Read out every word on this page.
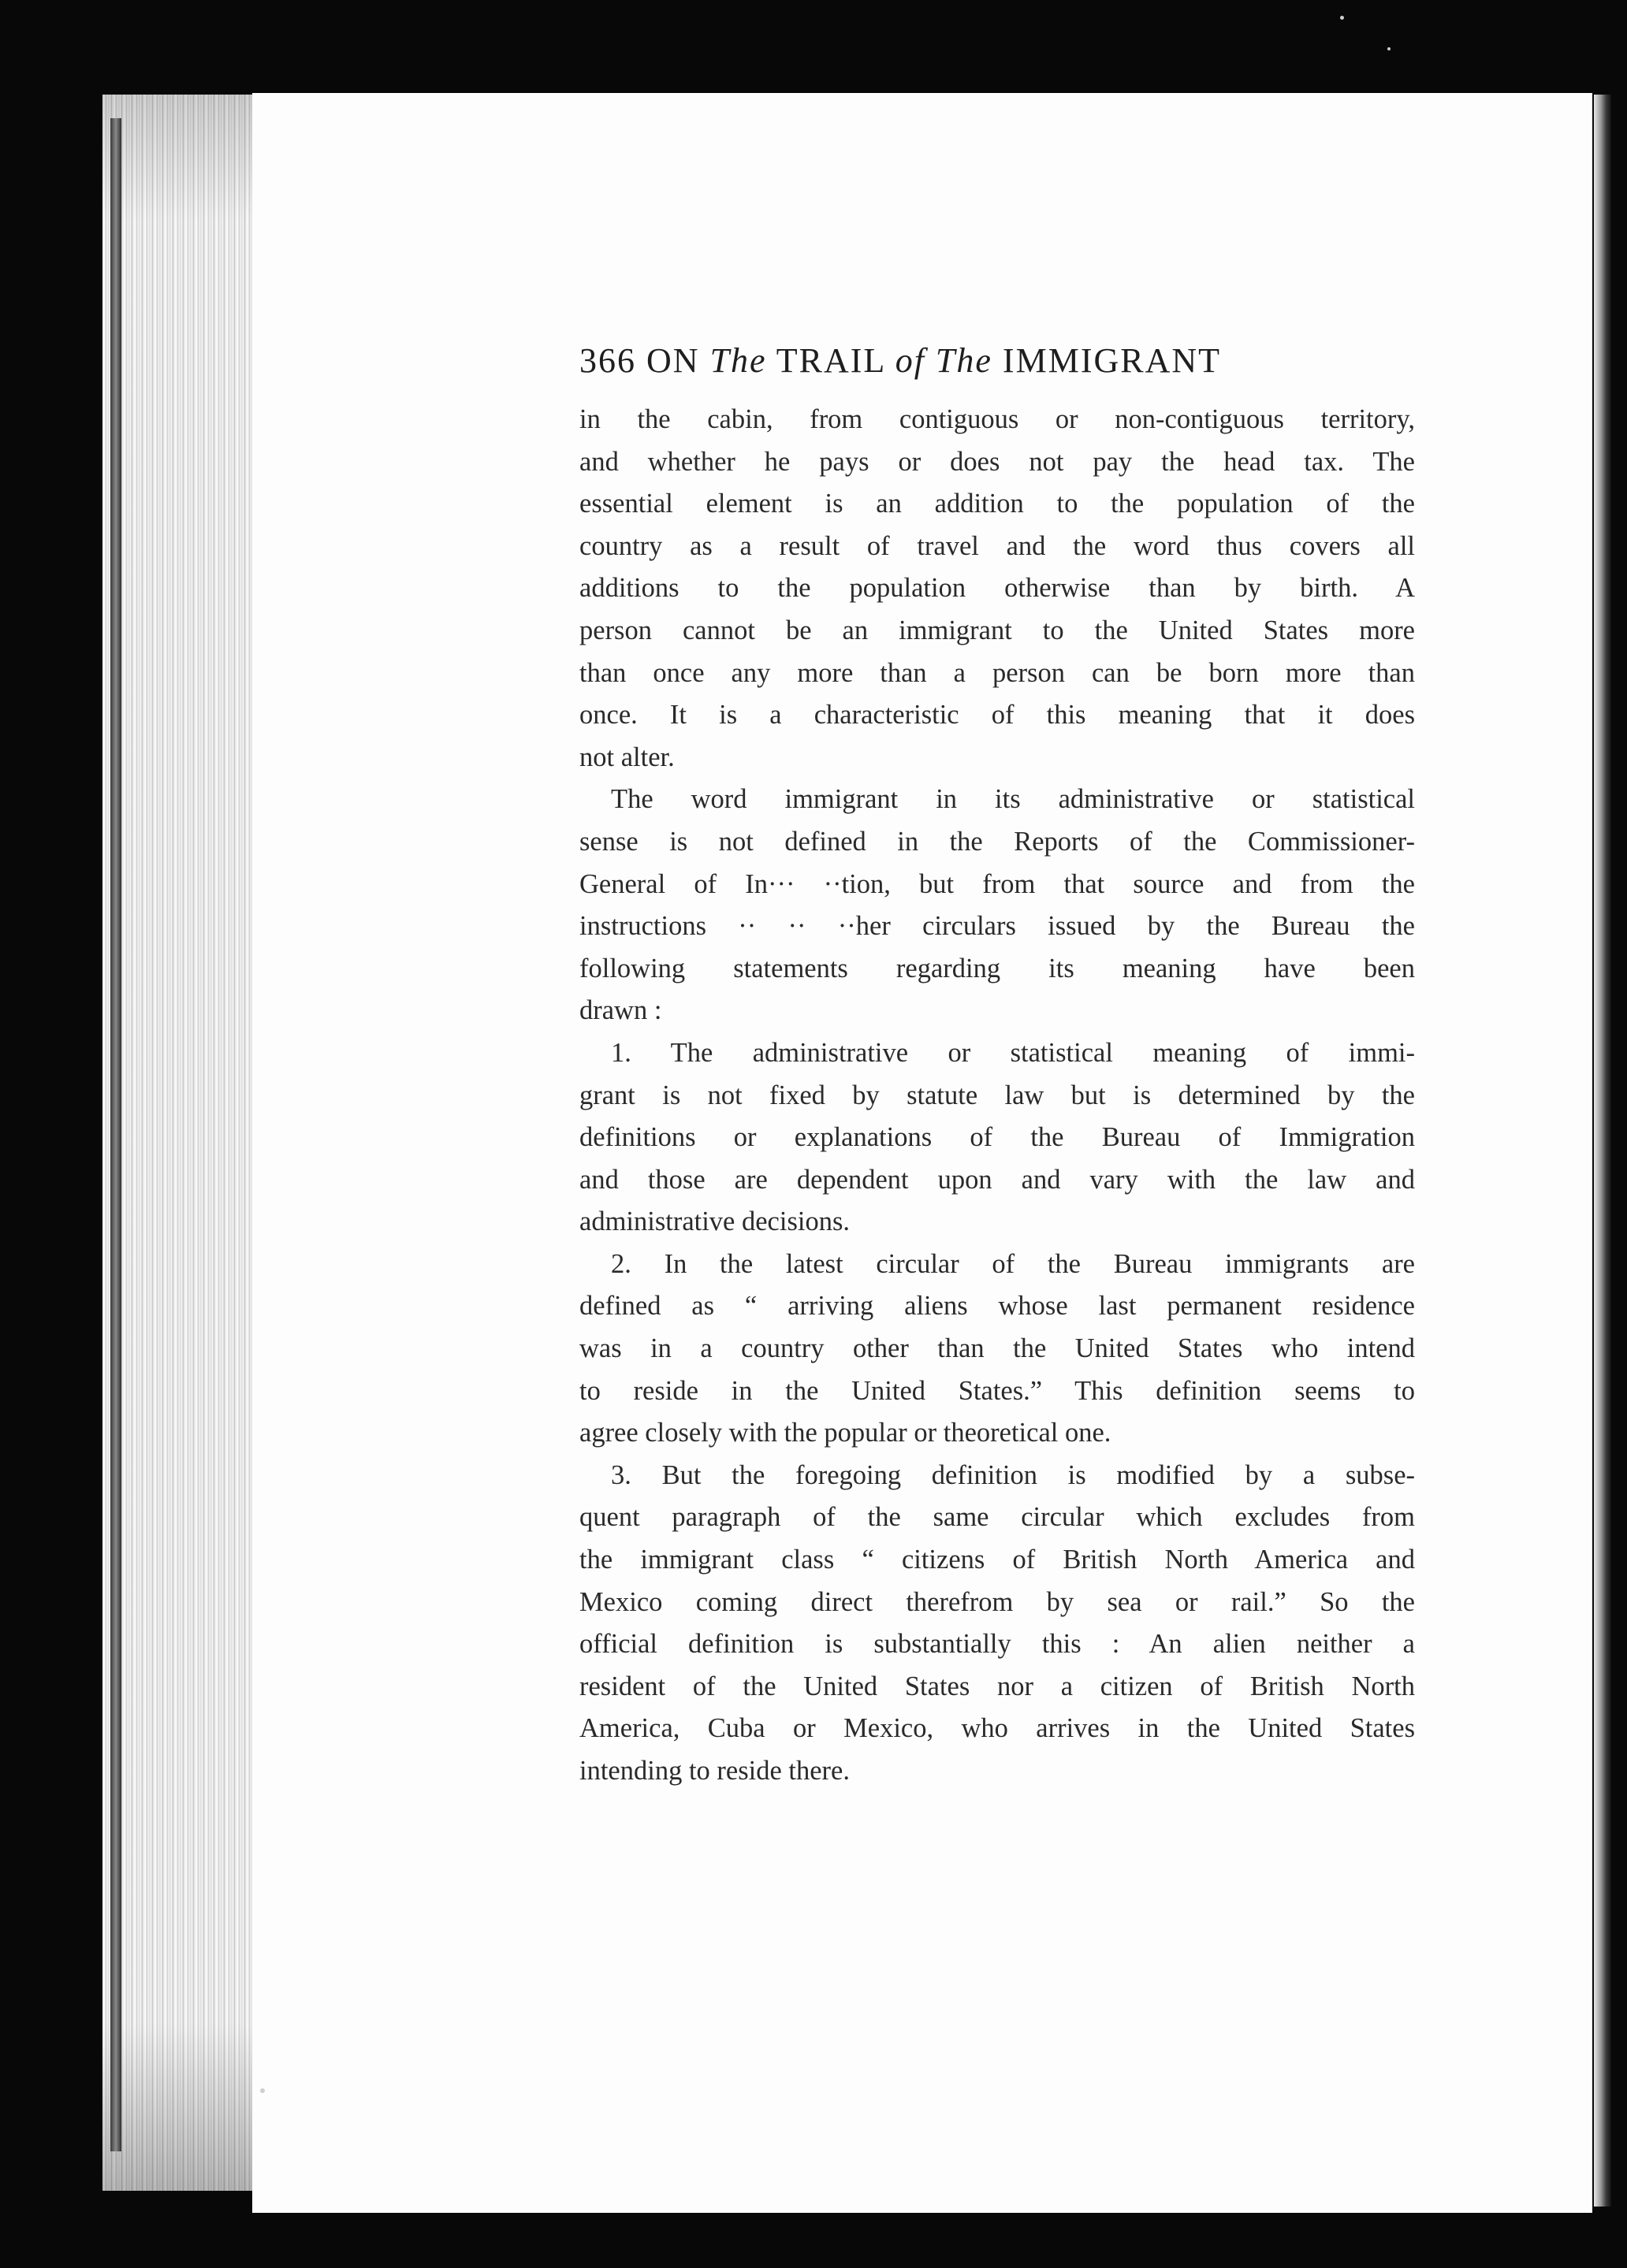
366 ON The TRAIL of The IMMIGRANT
in the cabin, from contiguous or non-contiguous territory,
and whether he pays or does not pay the head tax. The
essential element is an addition to the population of the
country as a result of travel and the word thus covers all
additions to the population otherwise than by birth. A
person cannot be an immigrant to the United States more
than once any more than a person can be born more than
once. It is a characteristic of this meaning that it does
not alter.
The word immigrant in its administrative or statistical
sense is not defined in the Reports of the Commissioner-
General of In··· ··tion, but from that source and from the
instructions ·· ·· ··her circulars issued by the Bureau the
following statements regarding its meaning have been
drawn :
1. The administrative or statistical meaning of immi-
grant is not fixed by statute law but is determined by the
definitions or explanations of the Bureau of Immigration
and those are dependent upon and vary with the law and
administrative decisions.
2. In the latest circular of the Bureau immigrants are
defined as “ arriving aliens whose last permanent residence
was in a country other than the United States who intend
to reside in the United States.” This definition seems to
agree closely with the popular or theoretical one.
3. But the foregoing definition is modified by a subse-
quent paragraph of the same circular which excludes from
the immigrant class “ citizens of British North America and
Mexico coming direct therefrom by sea or rail.” So the
official definition is substantially this : An alien neither a
resident of the United States nor a citizen of British North
America, Cuba or Mexico, who arrives in the United States
intending to reside there.
